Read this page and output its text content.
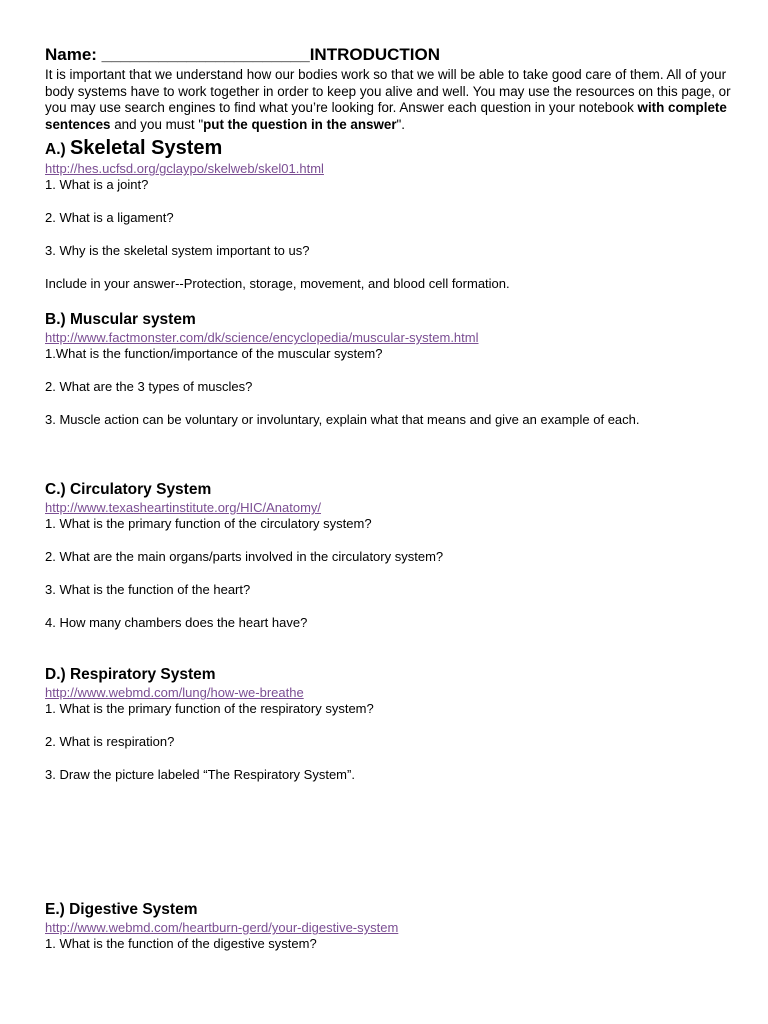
Name: ______________________INTRODUCTION
It is important that we understand how our bodies work so that we will be able to take good care of them. All of your body systems have to work together in order to keep you alive and well. You may use the resources on this page, or you may use search engines to find what you’re looking for. Answer each question in your notebook with complete sentences and you must "put the question in the answer".
A.) Skeletal System
http://hes.ucfsd.org/gclaypo/skelweb/skel01.html
1. What is a joint?
2. What is a ligament?
3. Why is the skeletal system important to us?
Include in your answer--Protection, storage, movement, and blood cell formation.
B.) Muscular system
http://www.factmonster.com/dk/science/encyclopedia/muscular-system.html
1.What is the function/importance of the muscular system?
2. What are the 3 types of muscles?
3. Muscle action can be voluntary or involuntary, explain what that means and give an example of each.
C.) Circulatory System
http://www.texasheartinstitute.org/HIC/Anatomy/
1. What is the primary function of the circulatory system?
2. What are the main organs/parts involved in the circulatory system?
3. What is the function of the heart?
4. How many chambers does the heart have?
D.) Respiratory System
http://www.webmd.com/lung/how-we-breathe
1. What is the primary function of the respiratory system?
2. What is respiration?
3. Draw the picture labeled “The Respiratory System”.
E.) Digestive System
http://www.webmd.com/heartburn-gerd/your-digestive-system
1. What is the function of the digestive system?
